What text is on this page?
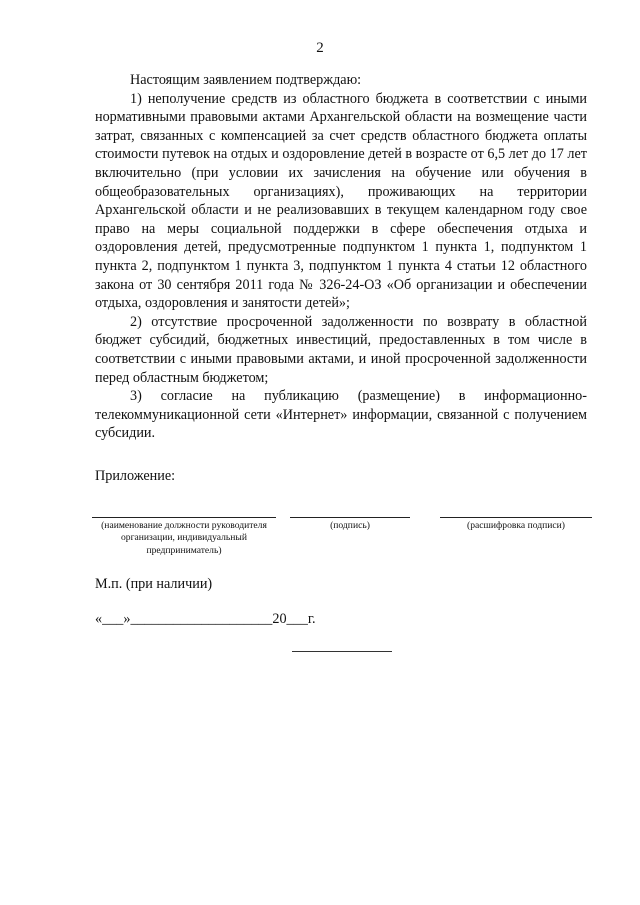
2

Настоящим заявлением подтверждаю:

1) неполучение средств из областного бюджета в соответствии с иными нормативными правовыми актами Архангельской области на возмещение части затрат, связанных с компенсацией за счет средств областного бюджета оплаты стоимости путевок на отдых и оздоровление детей в возрасте от 6,5 лет до 17 лет включительно (при условии их зачисления на обучение или обучения в общеобразовательных организациях), проживающих на территории Архангельской области и не реализовавших в текущем календарном году свое право на меры социальной поддержки в сфере обеспечения отдыха и оздоровления детей, предусмотренные подпунктом 1 пункта 1, подпунктом 1 пункта 2, подпунктом 1 пункта 3, подпунктом 1 пункта 4 статьи 12 областного закона от 30 сентября 2011 года № 326-24-ОЗ «Об организации и обеспечении отдыха, оздоровления и занятости детей»;

2) отсутствие просроченной задолженности по возврату в областной бюджет субсидий, бюджетных инвестиций, предоставленных в том числе в соответствии с иными правовыми актами, и иной просроченной задолженности перед областным бюджетом;

3) согласие на публикацию (размещение) в информационно-телекоммуникационной сети «Интернет» информации, связанной с получением субсидии.

Приложение:
(наименование должности руководителя организации, индивидуальный предприниматель)
(подпись)	(расшифровка подписи)
М.п. (при наличии)
«___»____________________20___г.
